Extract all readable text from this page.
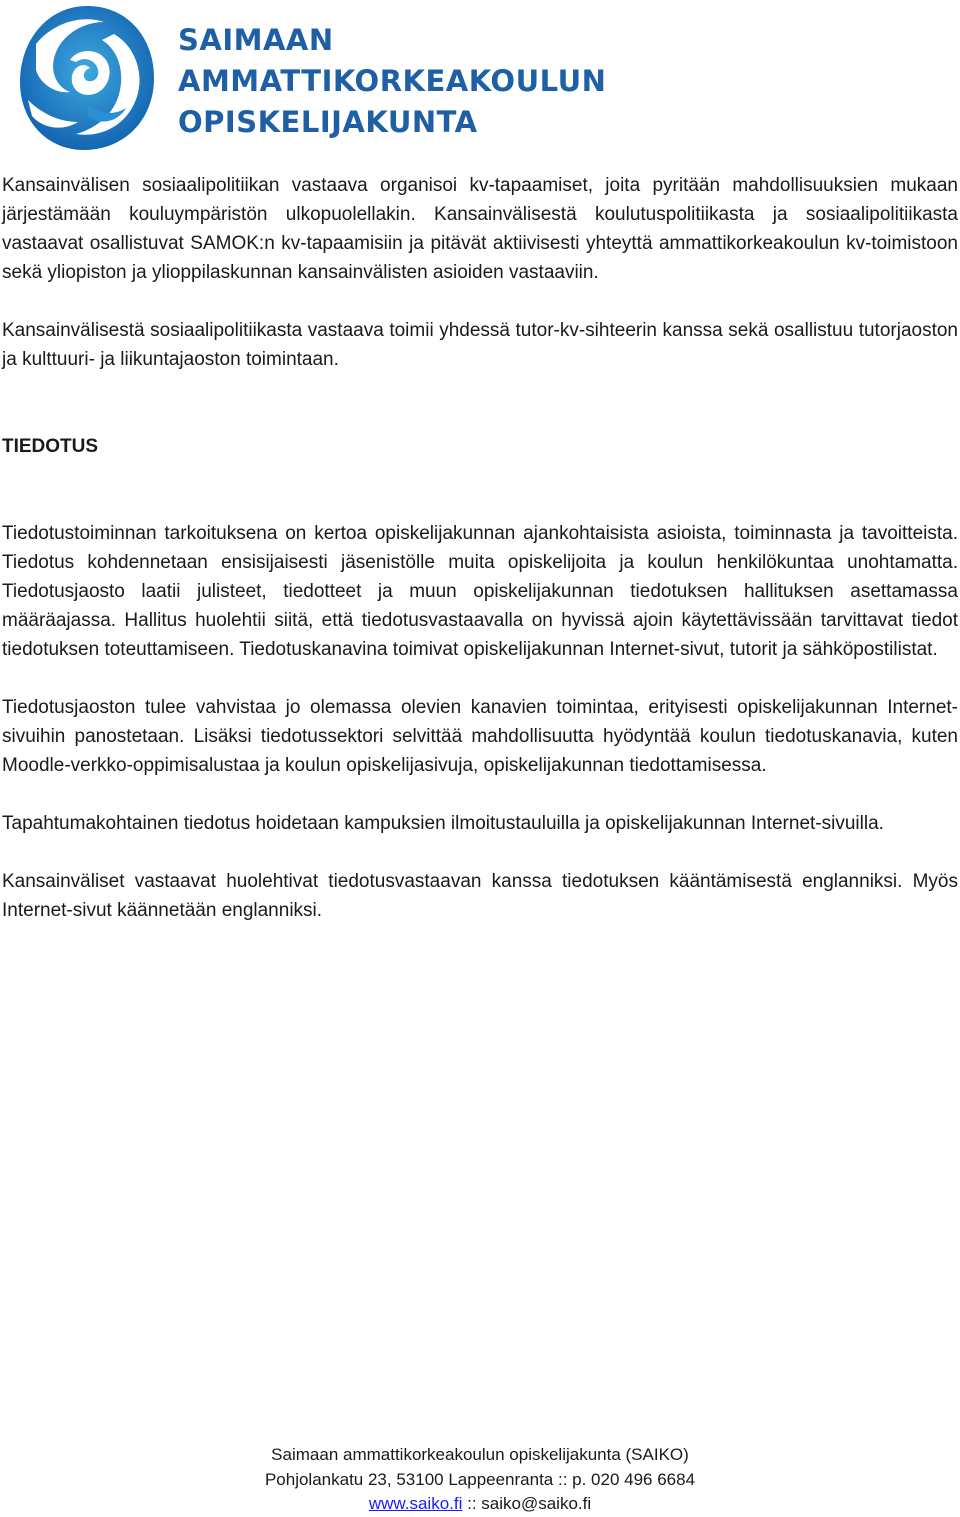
SAIMAAN
AMMATTIKORKEAKOULUN
OPISKELIJAKUNTA

Kansainvälisen sosiaalipolitiikan vastaava organisoi kv-tapaamiset, joita pyritään mahdollisuuksien mukaan järjestämään kouluympäristön ulkopuolellakin. Kansainvälisestä koulutuspolitiikasta ja sosiaalipolitiikasta vastaavat osallistuvat SAMOK:n kv-tapaamisiin ja pitävät aktiivisesti yhteyttä ammattikorkeakoulun kv-toimistoon sekä yliopiston ja ylioppilaskunnan kansainvälisten asioiden vastaaviin.

Kansainvälisestä sosiaalipolitiikasta vastaava toimii yhdessä tutor-kv-sihteerin kanssa sekä osallistuu tutorjaoston ja kulttuuri- ja liikuntajaoston toimintaan.

TIEDOTUS

Tiedotustoiminnan tarkoituksena on kertoa opiskelijakunnan ajankohtaisista asioista, toiminnasta ja tavoitteista. Tiedotus kohdennetaan ensisijaisesti jäsenistölle muita opiskelijoita ja koulun henkilökuntaa unohtamatta. Tiedotusjaosto laatii julisteet, tiedotteet ja muun opiskelijakunnan tiedotuksen hallituksen asettamassa määräajassa. Hallitus huolehtii siitä, että tiedotusvastaavalla on hyvissä ajoin käytettävissään tarvittavat tiedot tiedotuksen toteuttamiseen. Tiedotuskanavina toimivat opiskelijakunnan Internet-sivut, tutorit ja sähköpostilistat.

Tiedotusjaoston tulee vahvistaa jo olemassa olevien kanavien toimintaa, erityisesti opiskelijakunnan Internet-sivuihin panostetaan. Lisäksi tiedotussektori selvittää mahdollisuutta hyödyntää koulun tiedotuskanavia, kuten Moodle-verkko-oppimisalustaa ja koulun opiskelijasivuja, opiskelijakunnan tiedottamisessa.

Tapahtumakohtainen tiedotus hoidetaan kampuksien ilmoitustauluilla ja opiskelijakunnan Internet-sivuilla.

Kansainväliset vastaavat huolehtivat tiedotusvastaavan kanssa tiedotuksen kääntämisestä englanniksi. Myös Internet-sivut käännetään englanniksi.

Saimaan ammattikorkeakoulun opiskelijakunta (SAIKO)
Pohjolankatu 23, 53100 Lappeenranta :: p. 020 496 6684
www.saiko.fi :: saiko@saiko.fi
